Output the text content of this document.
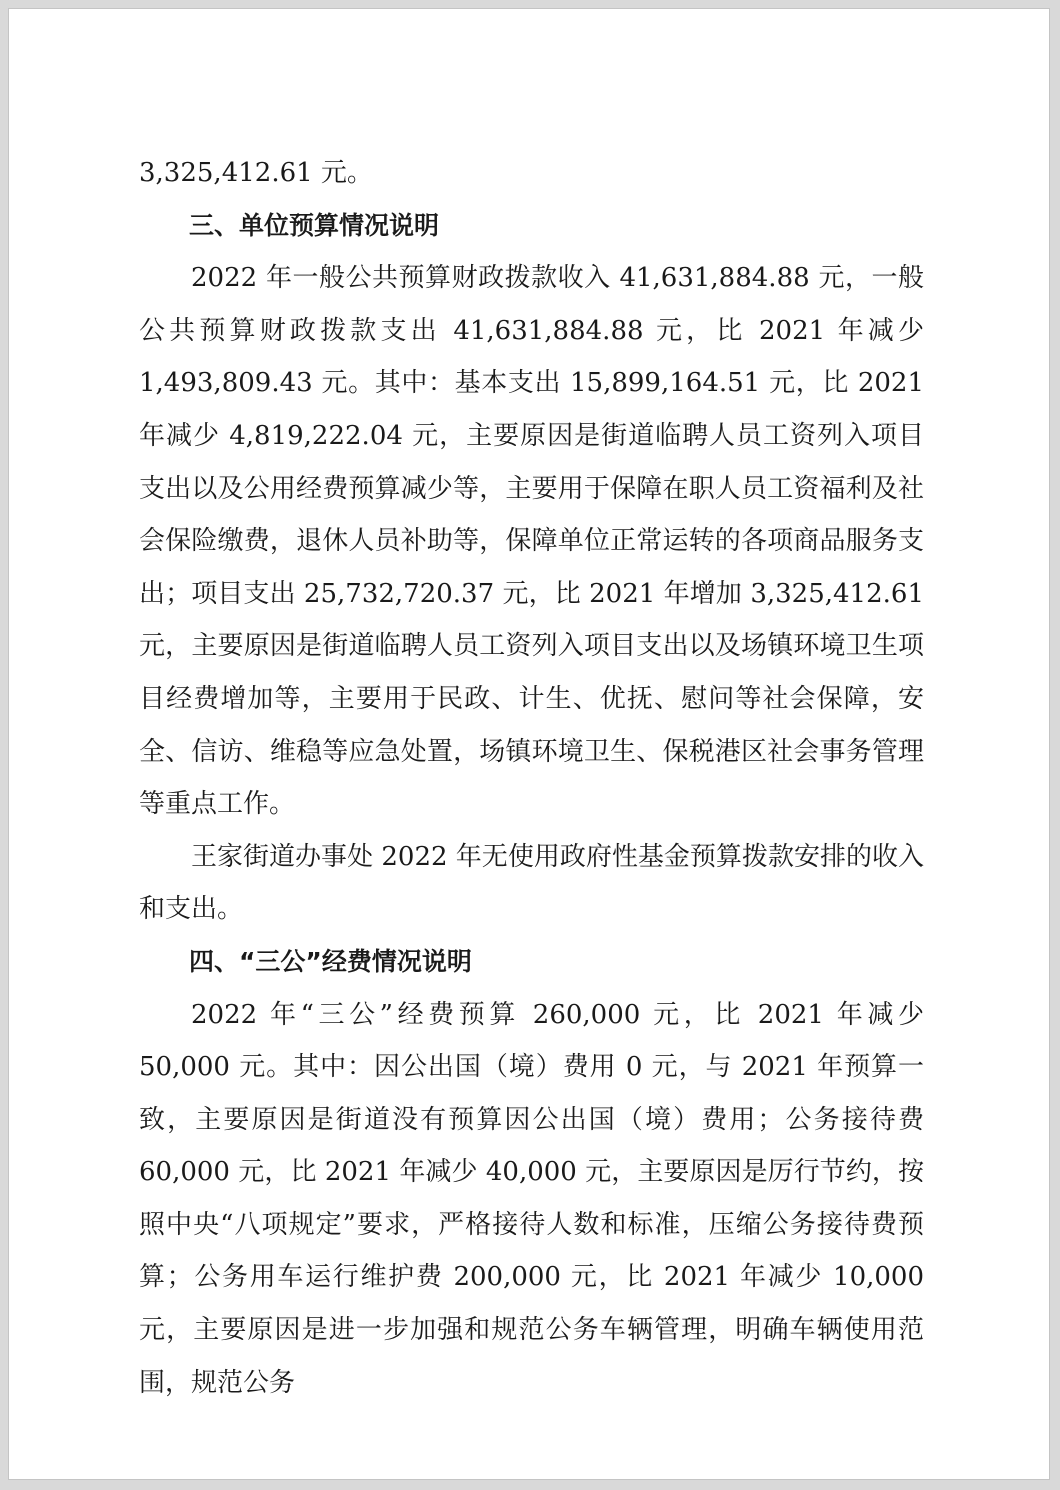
3,325,412.61 元。

三、单位预算情况说明

2022 年一般公共预算财政拨款收入 41,631,884.88 元，一般公共预算财政拨款支出 41,631,884.88 元，比 2021 年减少 1,493,809.43 元。其中：基本支出 15,899,164.51 元，比 2021 年减少 4,819,222.04 元，主要原因是街道临聘人员工资列入项目支出以及公用经费预算减少等，主要用于保障在职人员工资福利及社会保险缴费，退休人员补助等，保障单位正常运转的各项商品服务支出；项目支出 25,732,720.37 元，比 2021 年增加 3,325,412.61 元，主要原因是街道临聘人员工资列入项目支出以及场镇环境卫生项目经费增加等，主要用于民政、计生、优抚、慰问等社会保障，安全、信访、维稳等应急处置，场镇环境卫生、保税港区社会事务管理等重点工作。

王家街道办事处 2022 年无使用政府性基金预算拨款安排的收入和支出。

四、“三公”经费情况说明

2022 年“三公”经费预算 260,000 元，比 2021 年减少 50,000 元。其中：因公出国（境）费用 0 元，与 2021 年预算一致，主要原因是街道没有预算因公出国（境）费用；公务接待费 60,000 元，比 2021 年减少 40,000 元，主要原因是厉行节约，按照中央“八项规定”要求，严格接待人数和标准，压缩公务接待费预算；公务用车运行维护费 200,000 元，比 2021 年减少 10,000 元，主要原因是进一步加强和规范公务车辆管理，明确车辆使用范围，规范公务
